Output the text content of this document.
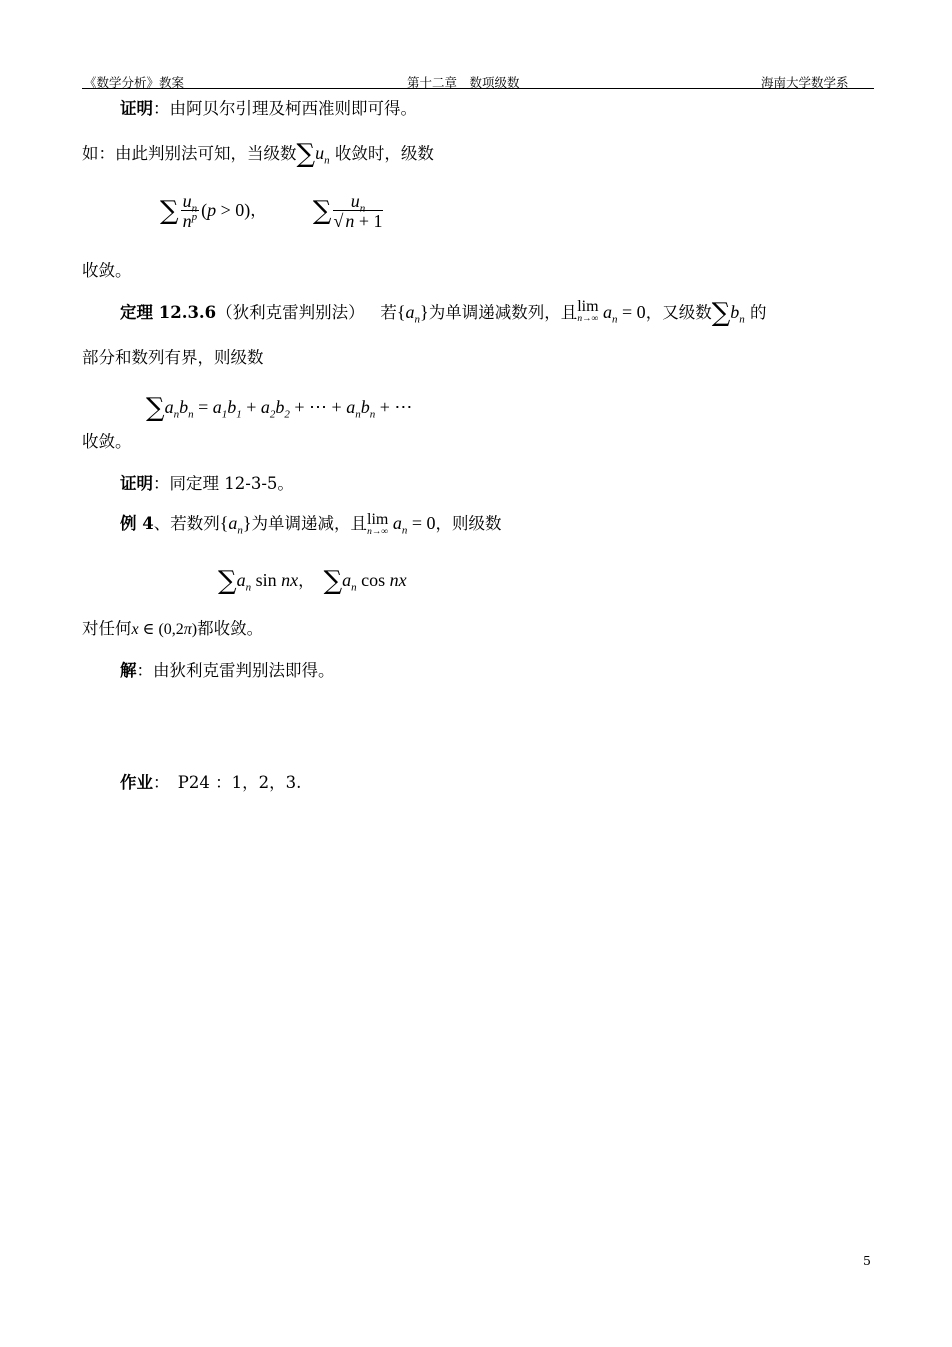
《数学分析》教案	第十二章　数项级数	海南大学数学系
证明：由阿贝尔引理及柯西准则即可得。
如：由此判别法可知，当级数$\sum u_n$ 收敛时，级数
∑ $\frac{u_n}{n^p} (p > 0)$， ∑ $\frac{u_n}{√ n + 1}$
收敛。
定理 12.3.6（狄利克雷判别法） 若$\{a_n\}$为单调递减数列，且 lim
n→∞ $a_n = 0$，又级数$\sum b_n$ 的
部分和数列有界，则级数
$\sum a_nb_n = a_1b_1 + a_2b_2$ + ⋯ + $a_nb_n$ + ⋯
收敛。
证明：同定理 12-3-5。
例 4、若数列$\{a_n\}$为单调递减，且 lim
n→∞ $a_n = 0$，则级数
$\sum a_n$ sin nx， $\sum a_n$ cos nx
对任何x ∈ (0,2π)都收敛。
解：由狄利克雷判别法即得。
作业：　P24 ：1，2，3.
5
